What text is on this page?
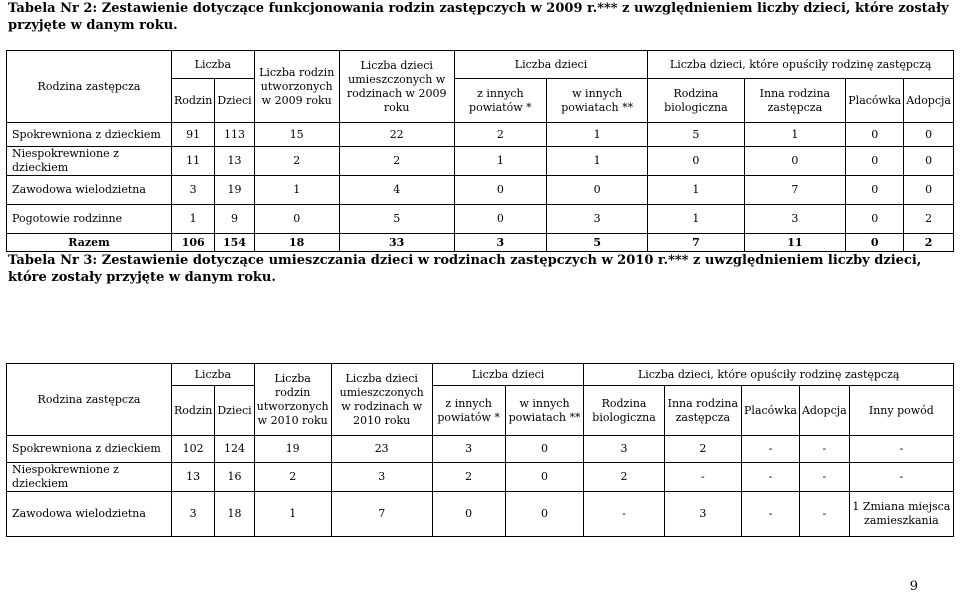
Tabela Nr 2: Zestawienie dotyczące funkcjonowania rodzin zastępczych w 2009 r.*** z uwzględnieniem liczby dzieci, które zostały przyjęte w danym roku.
Rodzina zastępcza	Liczba		Liczba rodzin utworzonych w 2009 roku	Liczba dzieci umieszczonych w rodzinach w 2009 roku	Liczba dzieci		Liczba dzieci, które opuściły rodzinę zastępczą			
	Rodzin	Dzieci			z innych powiatów *	w innych powiatach **	Rodzina biologiczna	Inna rodzina zastępcza	Placówka	Adopcja
Spokrewniona z dzieckiem	91	113	15	22	2	1	5	1	0	0
Niespokrewnione z dzieckiem	11	13	2	2	1	1	0	0	0	0
Zawodowa wielodzietna	3	19	1	4	0	0	1	7	0	0
Pogotowie rodzinne	1	9	0	5	0	3	1	3	0	2
Razem	106	154	18	33	3	5	7	11	0	2
Tabela Nr 3: Zestawienie dotyczące umieszczania dzieci w rodzinach zastępczych w 2010 r.*** z uwzględnieniem liczby dzieci, które zostały przyjęte w danym roku.
Rodzina zastępcza	Liczba		Liczba rodzin utworzonych w 2010 roku	Liczba dzieci umieszczonych w rodzinach w 2010 roku	Liczba dzieci		Liczba dzieci, które opuściły rodzinę zastępczą				
	Rodzin	Dzieci			z innych powiatów *	w innych powiatach **	Rodzina biologiczna	Inna rodzina zastępcza	Placówka	Adopcja	Inny powód
Spokrewniona z dzieckiem	102	124	19	23	3	0	3	2	-	-	-
Niespokrewnione z dzieckiem	13	16	2	3	2	0	2	-	-	-	-
Zawodowa wielodzietna	3	18	1	7	0	0	-	3	-	-	1 Zmiana miejsca zamieszkania
9
